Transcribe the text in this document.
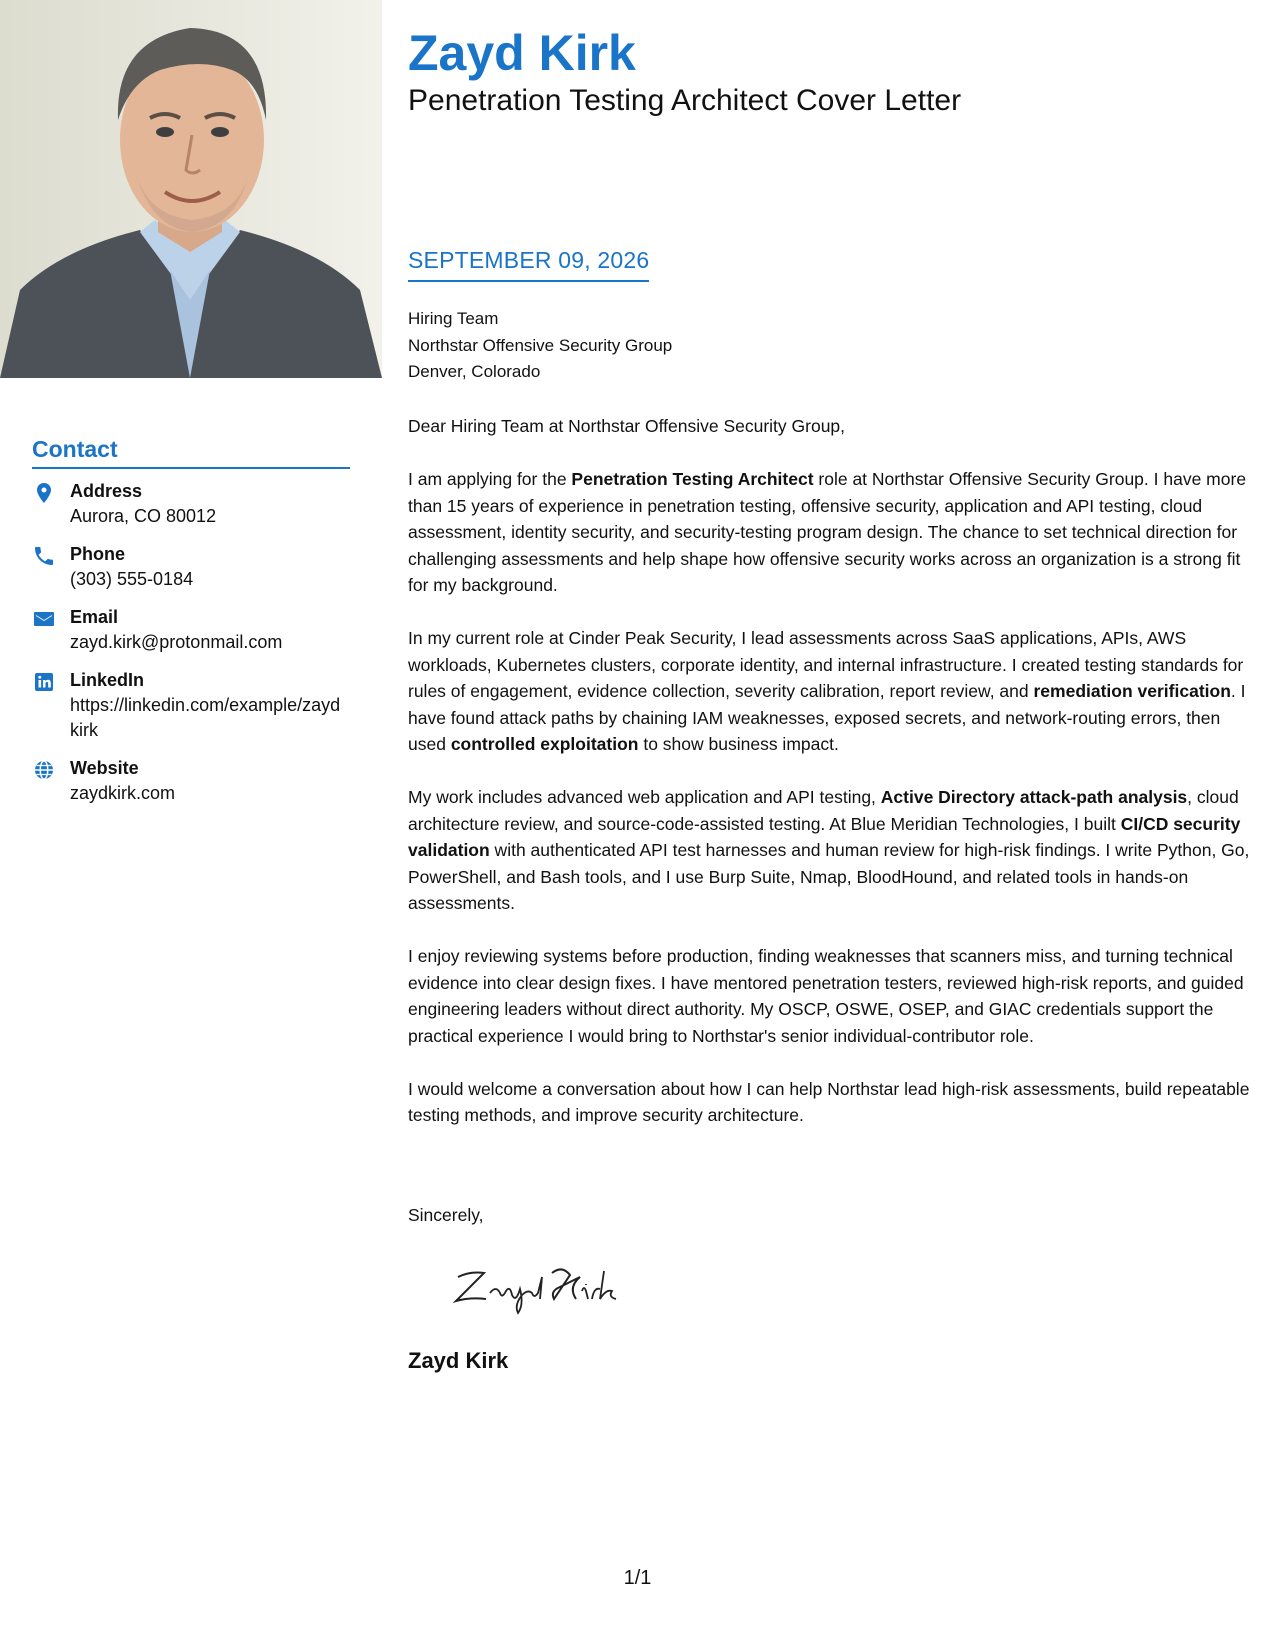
Contact
Address
Aurora, CO 80012
Phone
(303) 555-0184
Email
zayd.kirk@protonmail.com
LinkedIn
https://linkedin.com/example/zaydkirk
Website
zaydkirk.com
Zayd Kirk
Penetration Testing Architect Cover Letter
SEPTEMBER 09, 2026
Hiring Team
Northstar Offensive Security Group
Denver, Colorado

Dear Hiring Team at Northstar Offensive Security Group,

I am applying for the Penetration Testing Architect role at Northstar Offensive Security Group. I have more than 15 years of experience in penetration testing, offensive security, application and API testing, cloud assessment, identity security, and security-testing program design. The chance to set technical direction for challenging assessments and help shape how offensive security works across an organization is a strong fit for my background.

In my current role at Cinder Peak Security, I lead assessments across SaaS applications, APIs, AWS workloads, Kubernetes clusters, corporate identity, and internal infrastructure. I created testing standards for rules of engagement, evidence collection, severity calibration, report review, and remediation verification. I have found attack paths by chaining IAM weaknesses, exposed secrets, and network-routing errors, then used controlled exploitation to show business impact.

My work includes advanced web application and API testing, Active Directory attack-path analysis, cloud architecture review, and source-code-assisted testing. At Blue Meridian Technologies, I built CI/CD security validation with authenticated API test harnesses and human review for high-risk findings. I write Python, Go, PowerShell, and Bash tools, and I use Burp Suite, Nmap, BloodHound, and related tools in hands-on assessments.

I enjoy reviewing systems before production, finding weaknesses that scanners miss, and turning technical evidence into clear design fixes. I have mentored penetration testers, reviewed high-risk reports, and guided engineering leaders without direct authority. My OSCP, OSWE, OSEP, and GIAC credentials support the practical experience I would bring to Northstar's senior individual-contributor role.

I would welcome a conversation about how I can help Northstar lead high-risk assessments, build repeatable testing methods, and improve security architecture.

Sincerely,
Zayd Kirk
1/1
